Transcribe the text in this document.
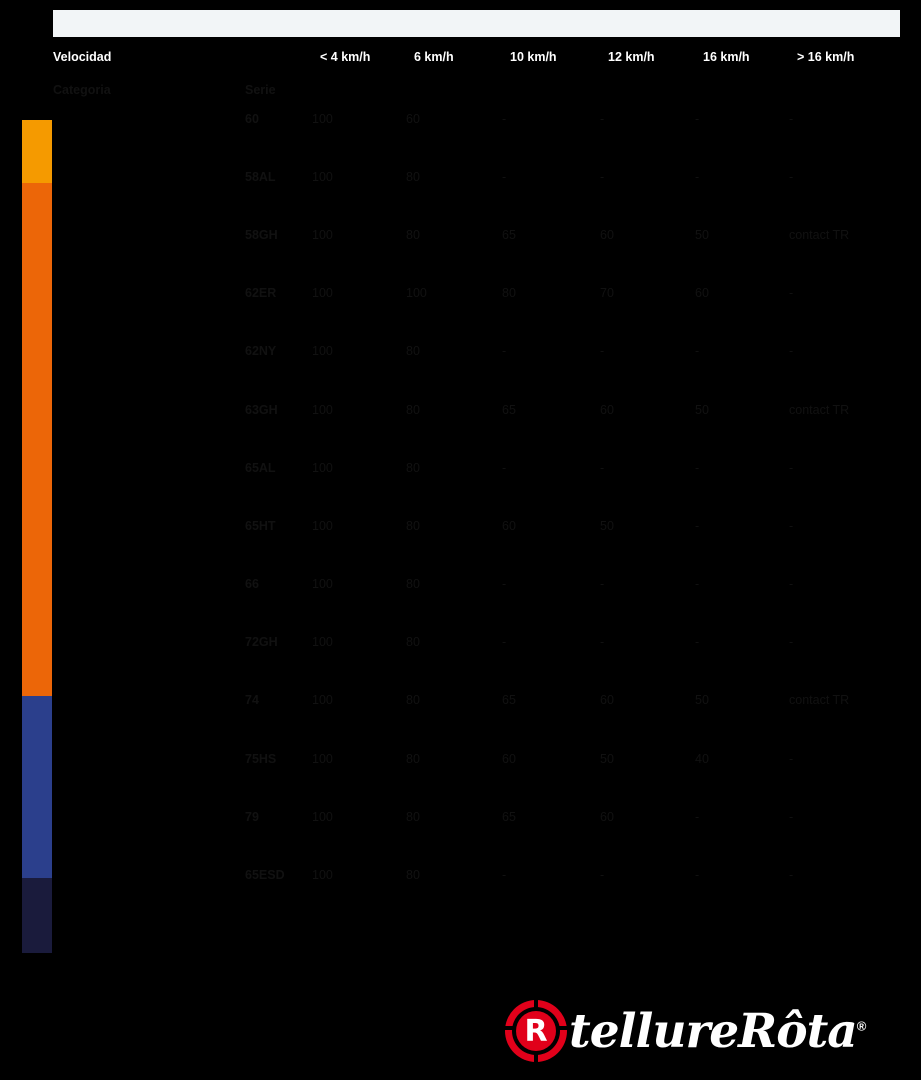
Velocidad		< 4 km/h	6 km/h	10 km/h	12 km/h	16 km/h	> 16 km/h
Categoria	Serie						
	60	100	60	-	-	-	-

	58AL	100	80	-	-	-	-

	58GH	100	80	65	60	50	contact TR

	62ER	100	100	80	70	60	-

	62NY	100	80	-	-	-	-

	63GH	100	80	65	60	50	contact TR

	65AL	100	80	-	-	-	-

	65HT	100	80	60	50	-	-

	66	100	80	-	-	-	-

	72GH	100	80	-	-	-	-

	74	100	80	65	60	50	contact TR

	75HS	100	80	60	50	40	-

	79	100	80	65	60	-	-

	65ESD	100	80	-	-	-	-
R tellureRôta®
